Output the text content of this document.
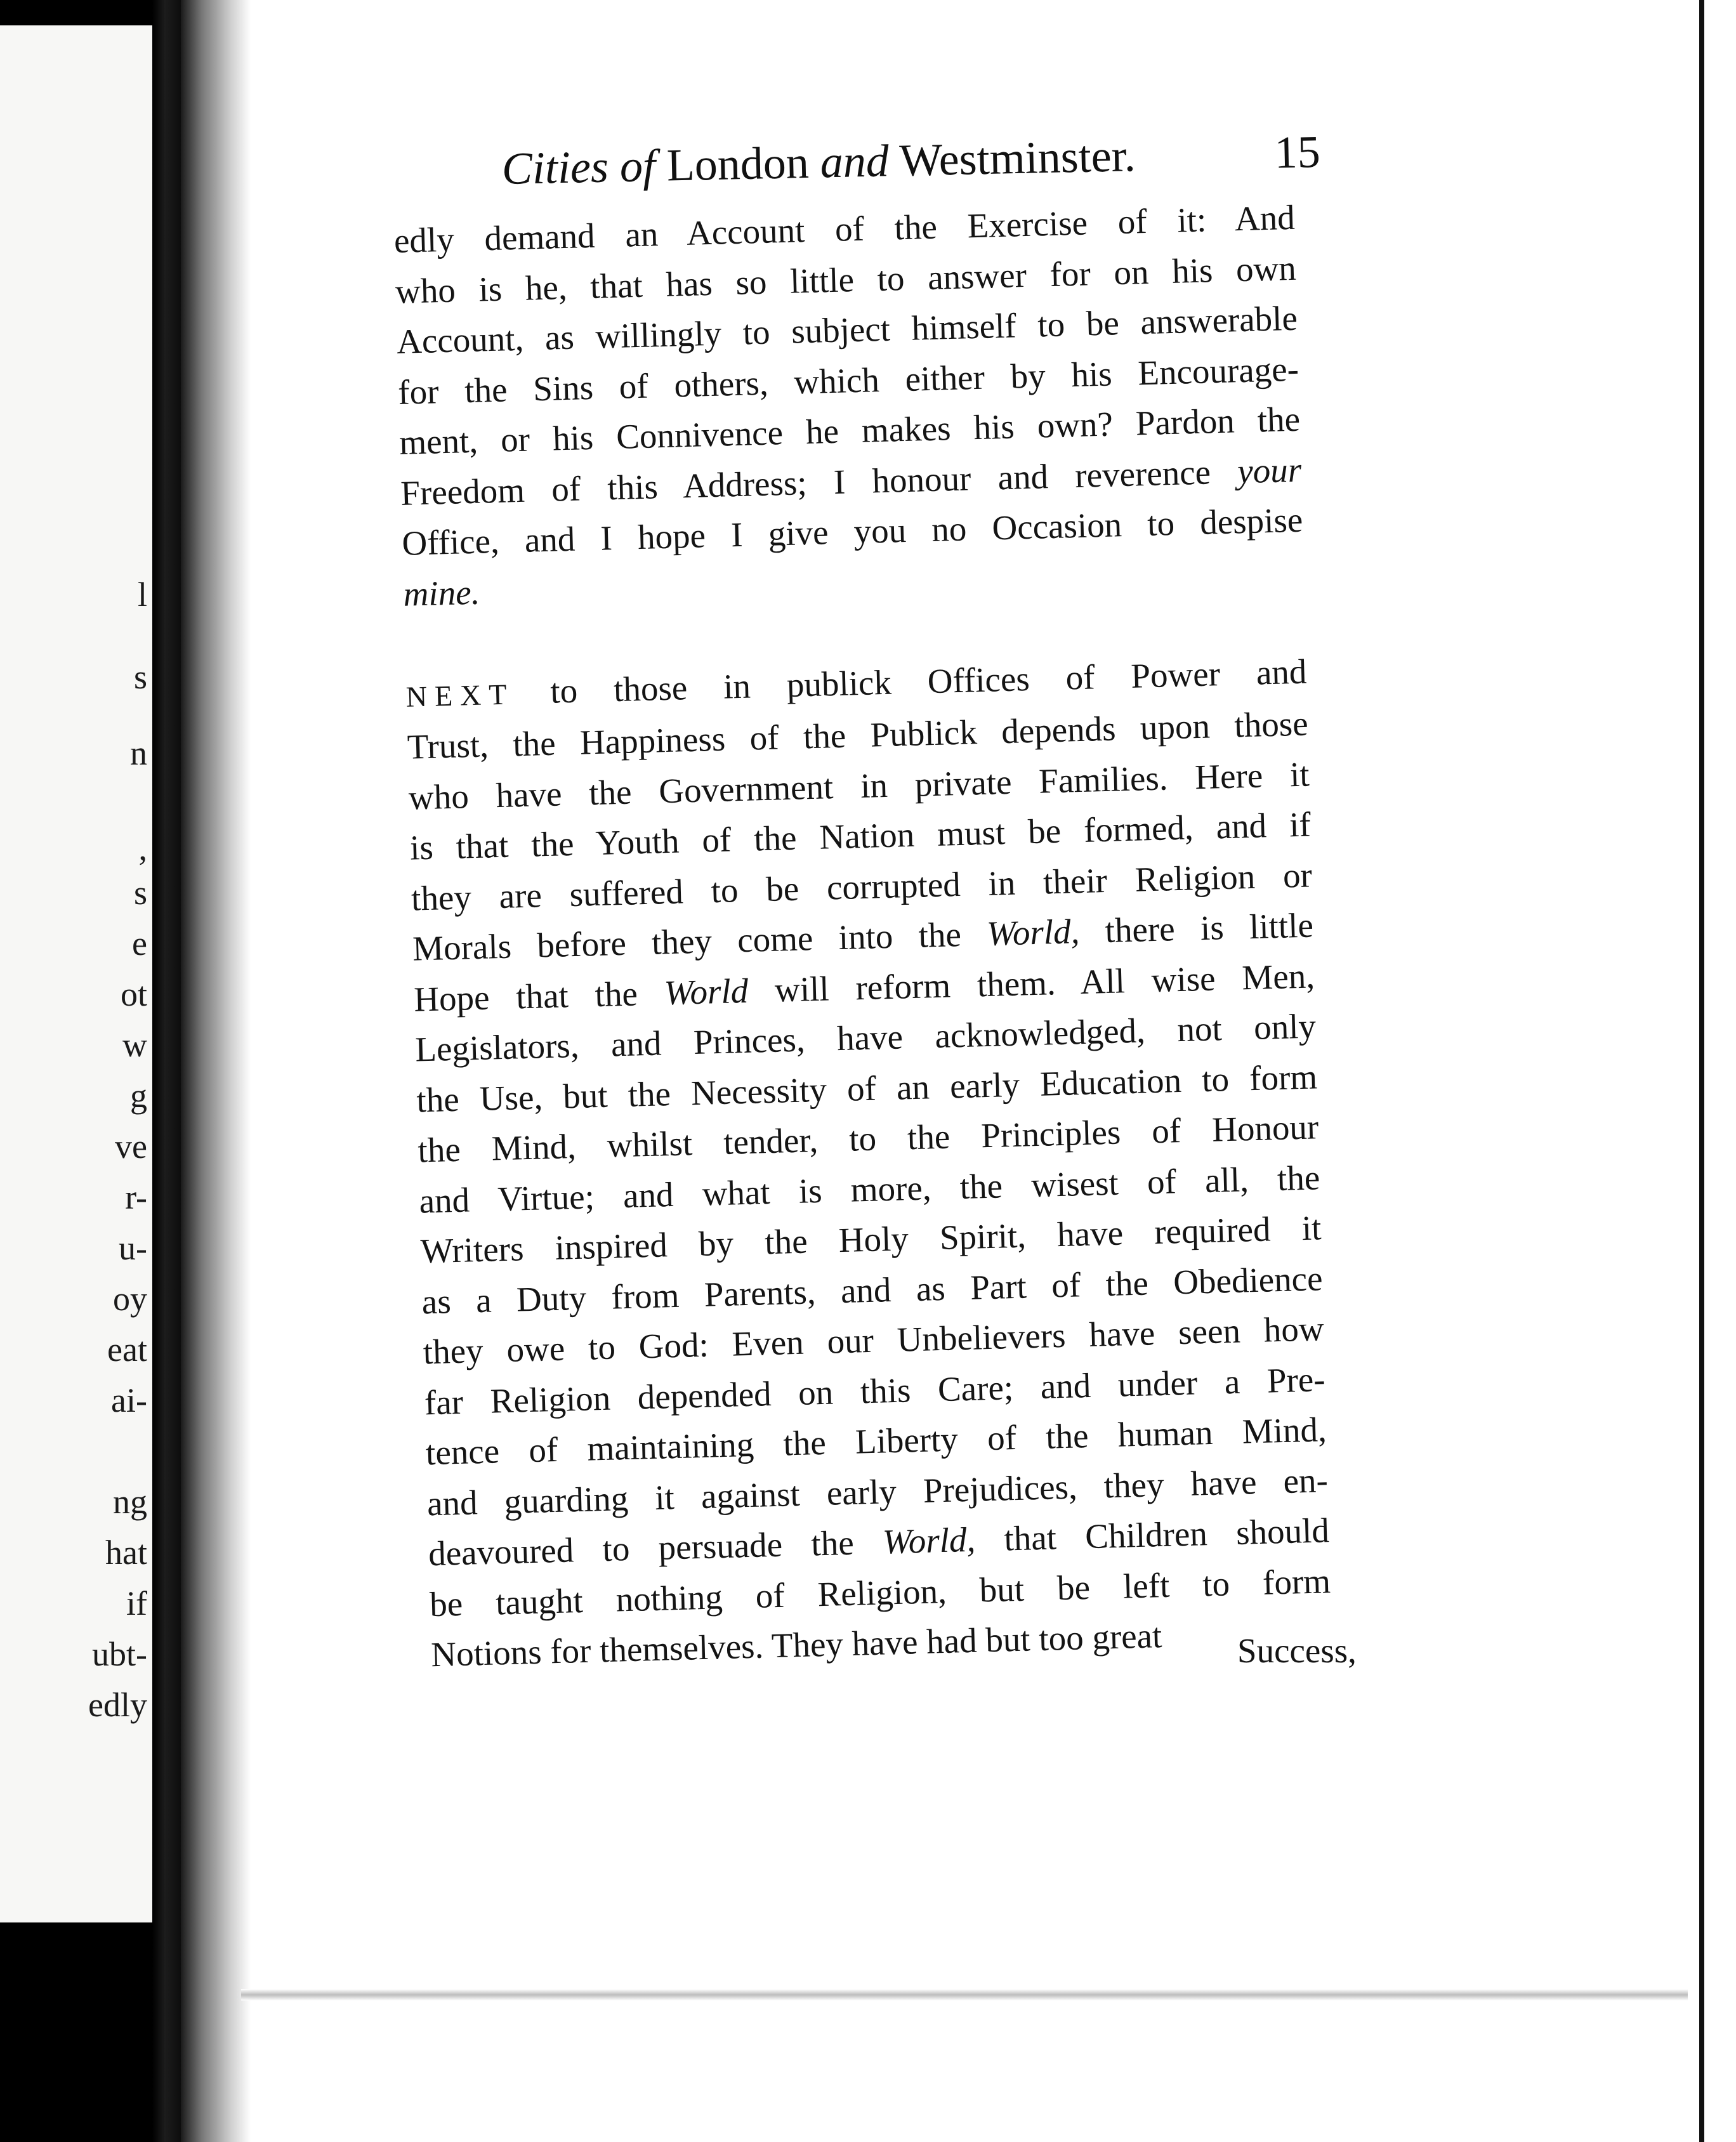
l
s
n
,
s
e
ot
w
g
ve
r-
u-
oy
eat
ai-
ng
hat
if
ubt-
edly
Cities of London and Westminster.	15
edly demand an Account of the Exercise of it: And
who is he, that has so little to answer for on his own
Account, as willingly to subject himself to be answerable
for the Sins of others, which either by his Encourage-
ment, or his Connivence he makes his own? Pardon the
Freedom of this Address; I honour and reverence your
Office, and I hope I give you no Occasion to despise
mine.
NEXT to those in publick Offices of Power and
Trust, the Happiness of the Publick depends upon those
who have the Government in private Families. Here it
is that the Youth of the Nation must be formed, and if
they are suffered to be corrupted in their Religion or
Morals before they come into the World, there is little
Hope that the World will reform them. All wise Men,
Legislators, and Princes, have acknowledged, not only
the Use, but the Necessity of an early Education to form
the Mind, whilst tender, to the Principles of Honour
and Virtue; and what is more, the wisest of all, the
Writers inspired by the Holy Spirit, have required it
as a Duty from Parents, and as Part of the Obedience
they owe to God: Even our Unbelievers have seen how
far Religion depended on this Care; and under a Pre-
tence of maintaining the Liberty of the human Mind,
and guarding it against early Prejudices, they have en-
deavoured to persuade the World, that Children should
be taught nothing of Religion, but be left to form
Notions for themselves. They have had but too great	Success,
